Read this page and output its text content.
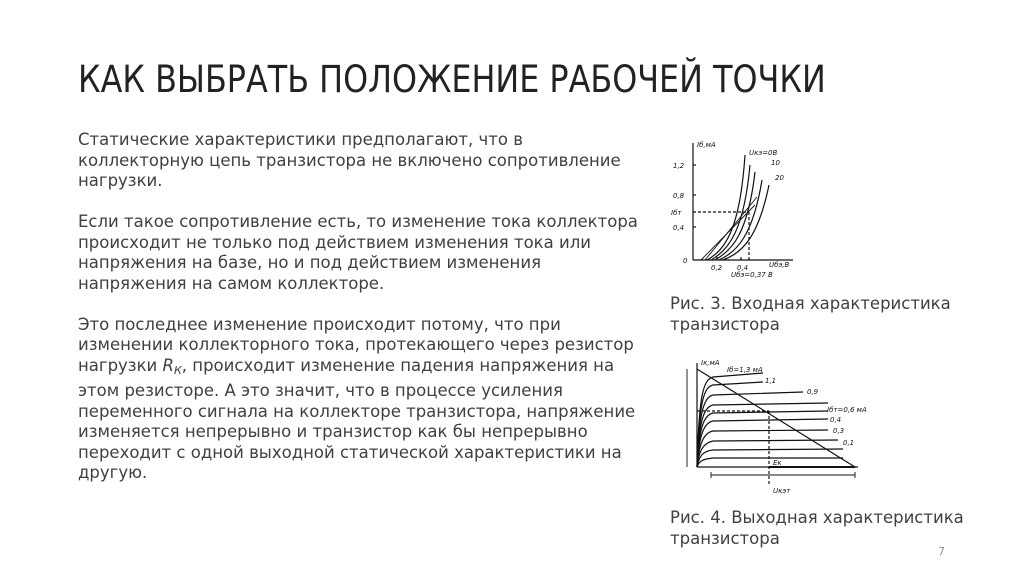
КАК ВЫБРАТЬ ПОЛОЖЕНИЕ РАБОЧЕЙ ТОЧКИ

Статические характеристики предполагают, что в коллекторную цепь транзистора не включено сопротивление нагрузки.

Если такое сопротивление есть, то изменение тока коллектора происходит не только под действием изменения тока или напряжения на базе, но и под действием изменения напряжения на самом коллекторе.

Это последнее изменение происходит потому, что при изменении коллекторного тока, протекающего через резистор нагрузки RК, происходит изменение падения напряжения на этом резисторе. А это значит, что в процессе усиления переменного сигнала на коллекторе транзистора, напряжение изменяется непрерывно и транзистор как бы непрерывно переходит с одной выходной статической характеристики на другую.

Iб,мА
1,2
0,8
0,4
0
Iбт
0,2 0,4	Uбэ,В
Uбэ=0,37 В
Uкэ=0В
10
20
Рис. 3. Входная характеристика транзистора
Iк,мА
Iб=1,3 мА
1,1
0,9
Iбт=0,6 мА
0,4
0,3
0,1
Eк
Uкэт
Рис. 4. Выходная характеристика транзистора
7
